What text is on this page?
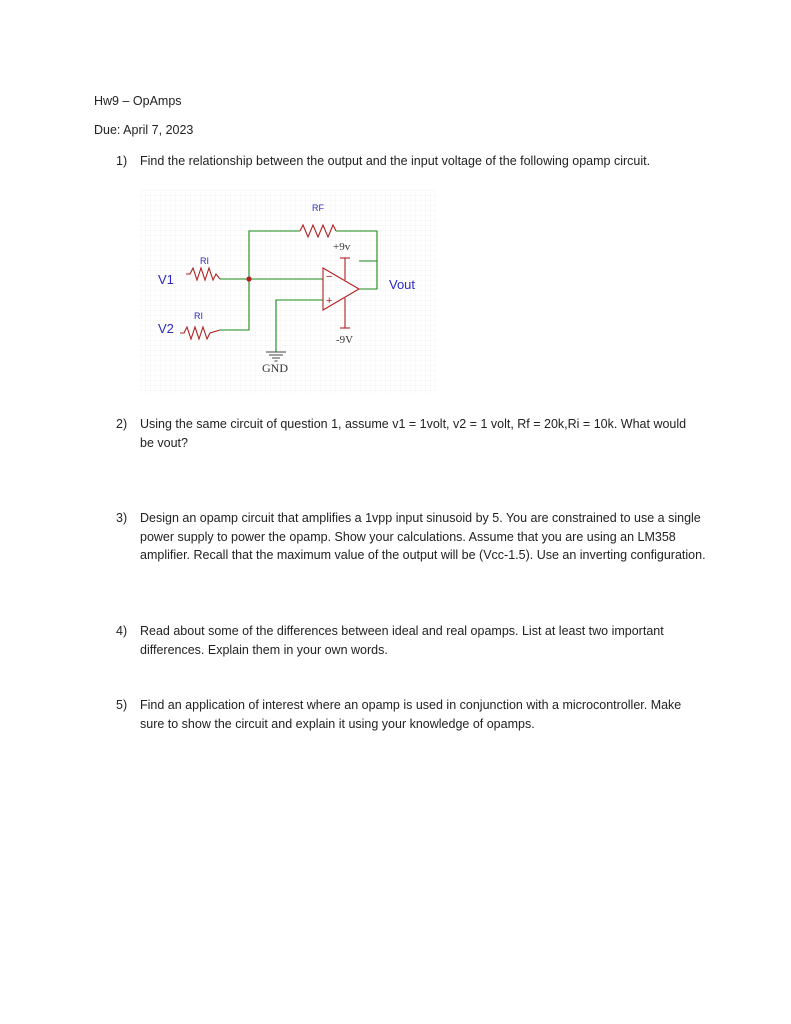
Hw9 – OpAmps
Due: April 7, 2023
1) Find the relationship between the output and the input voltage of the following opamp circuit.
−
+
RF
RI
RI
V1
V2
Vout
+9v
-9V
GND
2) Using the same circuit of question 1, assume v1 = 1volt, v2 = 1 volt, Rf = 20k,Ri = 10k. What would be vout?
3) Design an opamp circuit that amplifies a 1vpp input sinusoid by 5. You are constrained to use a single power supply to power the opamp. Show your calculations. Assume that you are using an LM358 amplifier. Recall that the maximum value of the output will be (Vcc-1.5). Use an inverting configuration.
4) Read about some of the differences between ideal and real opamps. List at least two important differences. Explain them in your own words.
5) Find an application of interest where an opamp is used in conjunction with a microcontroller. Make sure to show the circuit and explain it using your knowledge of opamps.
